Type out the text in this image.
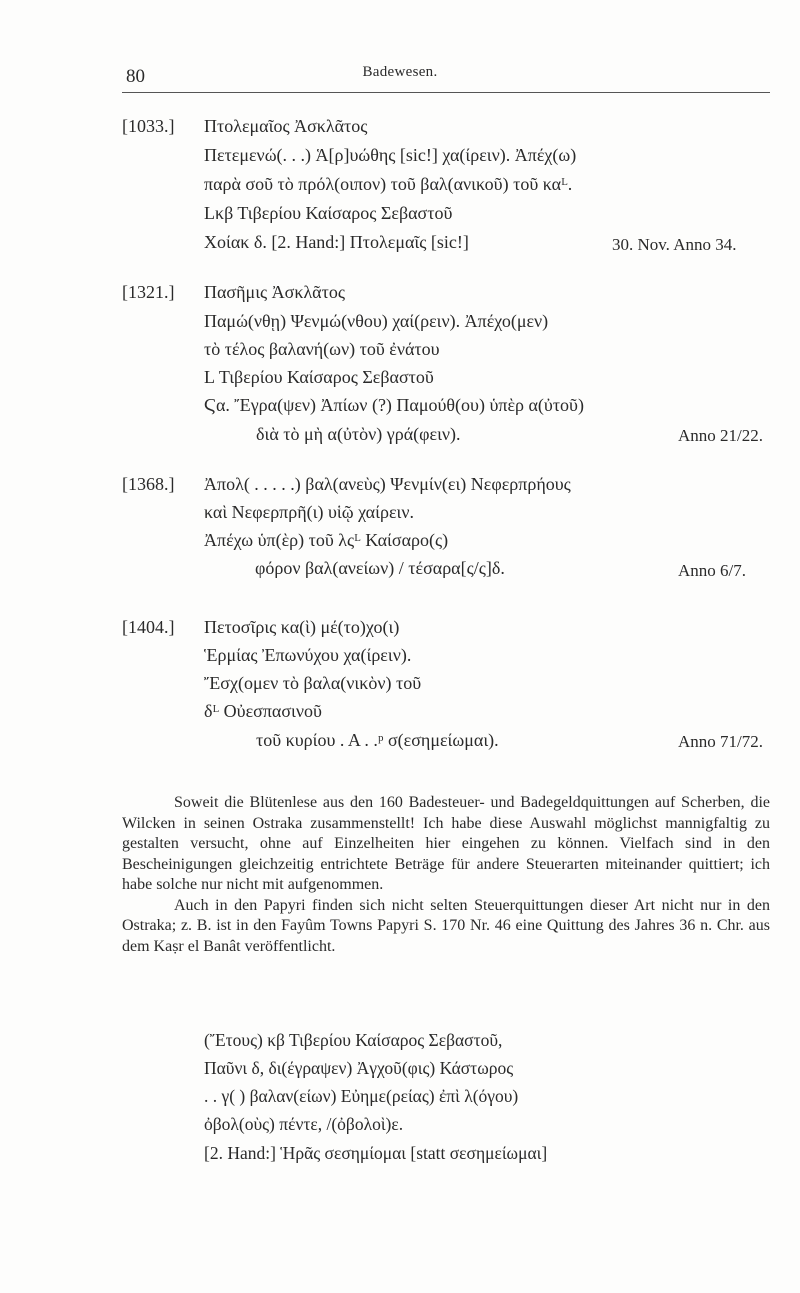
80	Badewesen.
[1033.] Πτολεμαῖος Ἀσκλᾶτος
Πετεμενώ(. . .) Ἁ[ρ]υώθης [sic!] χα(ίρειν). Ἀπέχ(ω)
παρὰ σοῦ τὸ πρόλ(οιπον) τοῦ βαλ(ανικοῦ) τοῦ καᴸ.
Lκβ Τιβερίου Καίσαρος Σεβαστοῦ
Χοίακ δ. [2. Hand:] Πτολεμαῖς [sic!]	30. Nov. Anno 34.
[1321.] Πασῆμις Ἀσκλᾶτος
Παμώ(νθῃ) Ψενμώ(νθου) χαί(ρειν). Ἀπέχο(μεν)
τὸ τέλος βαλανή(ων) τοῦ ἐνάτου
L Τιβερίου Καίσαρος Σεβαστοῦ
Ϛα. Ἔγρα(ψεν) Ἀπίων (?) Παμούθ(ου) ὑπὲρ α(ὐτοῦ)
διὰ τὸ μὴ α(ὐτὸν) γρά(φειν).	Anno 21/22.
[1368.] Ἀπολ( . . . . .) βαλ(ανεὺς) Ψενμίν(ει) Νεφερπρήους
καὶ Νεφερπρῆ(ι) υἱῷ χαίρειν.
Ἀπέχω ὑπ(ὲρ) τοῦ λςᴸ Καίσαρο(ς)
φόρον βαλ(ανείων) / τέσαρα[ς/ς]δ.	Anno 6/7.
[1404.] Πετοσῖρις κα(ὶ) μέ(το)χο(ι)
Ἑρμίας Ἐπωνύχου χα(ίρειν).
Ἔσχ(ομεν τὸ βαλα(νικὸν) τοῦ
δᴸ Οὐεσπασινοῦ
τοῦ κυρίου . Α . .ᵖ σ(εσημείωμαι).	Anno 71/72.

Soweit die Blütenlese aus den 160 Badesteuer- und Badegeldquittungen auf Scherben, die Wilcken in seinen Ostraka zusammenstellt! Ich habe diese Auswahl möglichst mannigfaltig zu gestalten versucht, ohne auf Einzelheiten hier eingehen zu können. Vielfach sind in den Bescheinigungen gleichzeitig entrichtete Beträge für andere Steuerarten miteinander quittiert; ich habe solche nur nicht mit aufgenommen.

Auch in den Papyri finden sich nicht selten Steuerquittungen dieser Art nicht nur in den Ostraka; z. B. ist in den Fayûm Towns Papyri S. 170 Nr. 46 eine Quittung des Jahres 36 n. Chr. aus dem Kaṣr el Banât veröffentlicht.

(Ἔτους) κβ Τιβερίου Καίσαρος Σεβαστοῦ,
Παῦνι δ, δι(έγραψεν) Ἀγχοῦ(φις) Κάστωρος
. . γ( ) βαλαν(είων) Εὐημε(ρείας) ἐπὶ λ(όγου)
ὀβολ(οὺς) πέντε, /(ὀβολοὶ)ε.
[2. Hand:] Ἡρᾶς σεσημίομαι [statt σεσημείωμαι]
